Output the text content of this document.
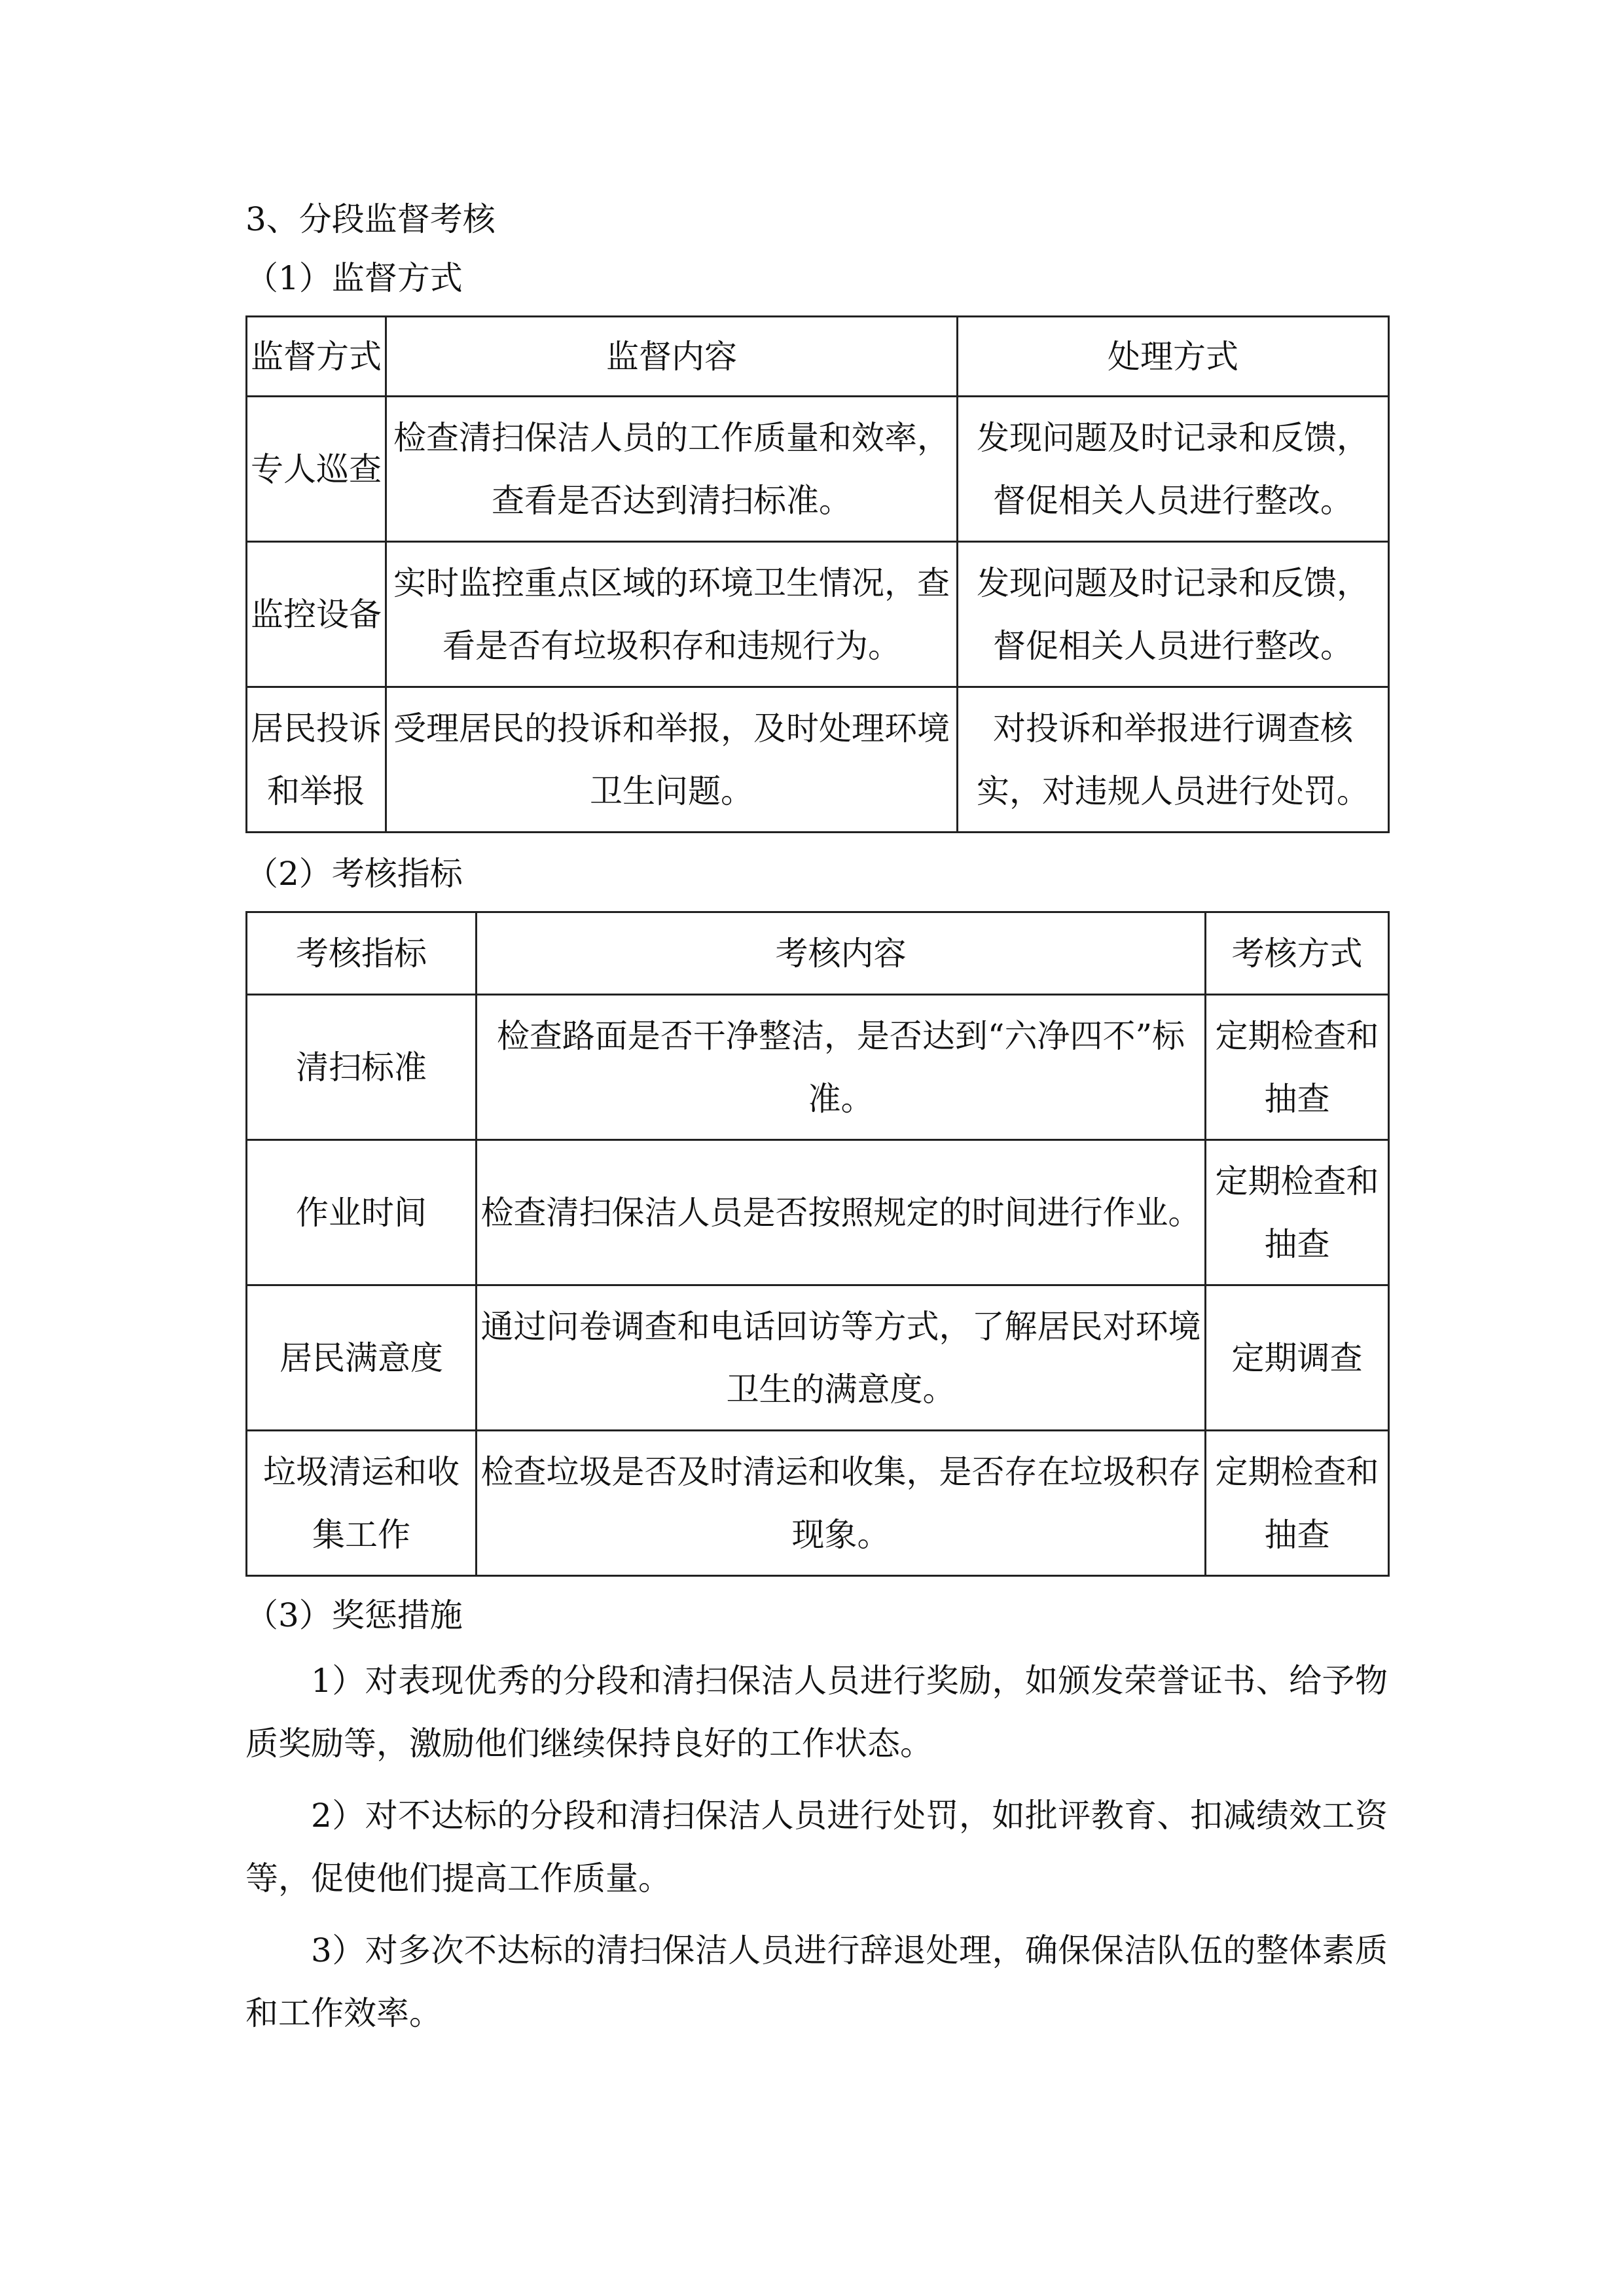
3、分段监督考核
（1）监督方式
监督方式	监督内容	处理方式
专人巡查	检查清扫保洁人员的工作质量和效率，查看是否达到清扫标准。	发现问题及时记录和反馈，督促相关人员进行整改。
监控设备	实时监控重点区域的环境卫生情况，查看是否有垃圾积存和违规行为。	发现问题及时记录和反馈，督促相关人员进行整改。
居民投诉和举报	受理居民的投诉和举报，及时处理环境卫生问题。	对投诉和举报进行调查核实，对违规人员进行处罚。
（2）考核指标
考核指标	考核内容	考核方式
清扫标准	检查路面是否干净整洁，是否达到“六净四不”标准。	定期检查和抽查
作业时间	检查清扫保洁人员是否按照规定的时间进行作业。	定期检查和抽查
居民满意度	通过问卷调查和电话回访等方式，了解居民对环境卫生的满意度。	定期调查
垃圾清运和收集工作	检查垃圾是否及时清运和收集，是否存在垃圾积存现象。	定期检查和抽查
（3）奖惩措施

1）对表现优秀的分段和清扫保洁人员进行奖励，如颁发荣誉证书、给予物质奖励等，激励他们继续保持良好的工作状态。

2）对不达标的分段和清扫保洁人员进行处罚，如批评教育、扣减绩效工资等，促使他们提高工作质量。

3）对多次不达标的清扫保洁人员进行辞退处理，确保保洁队伍的整体素质和工作效率。
